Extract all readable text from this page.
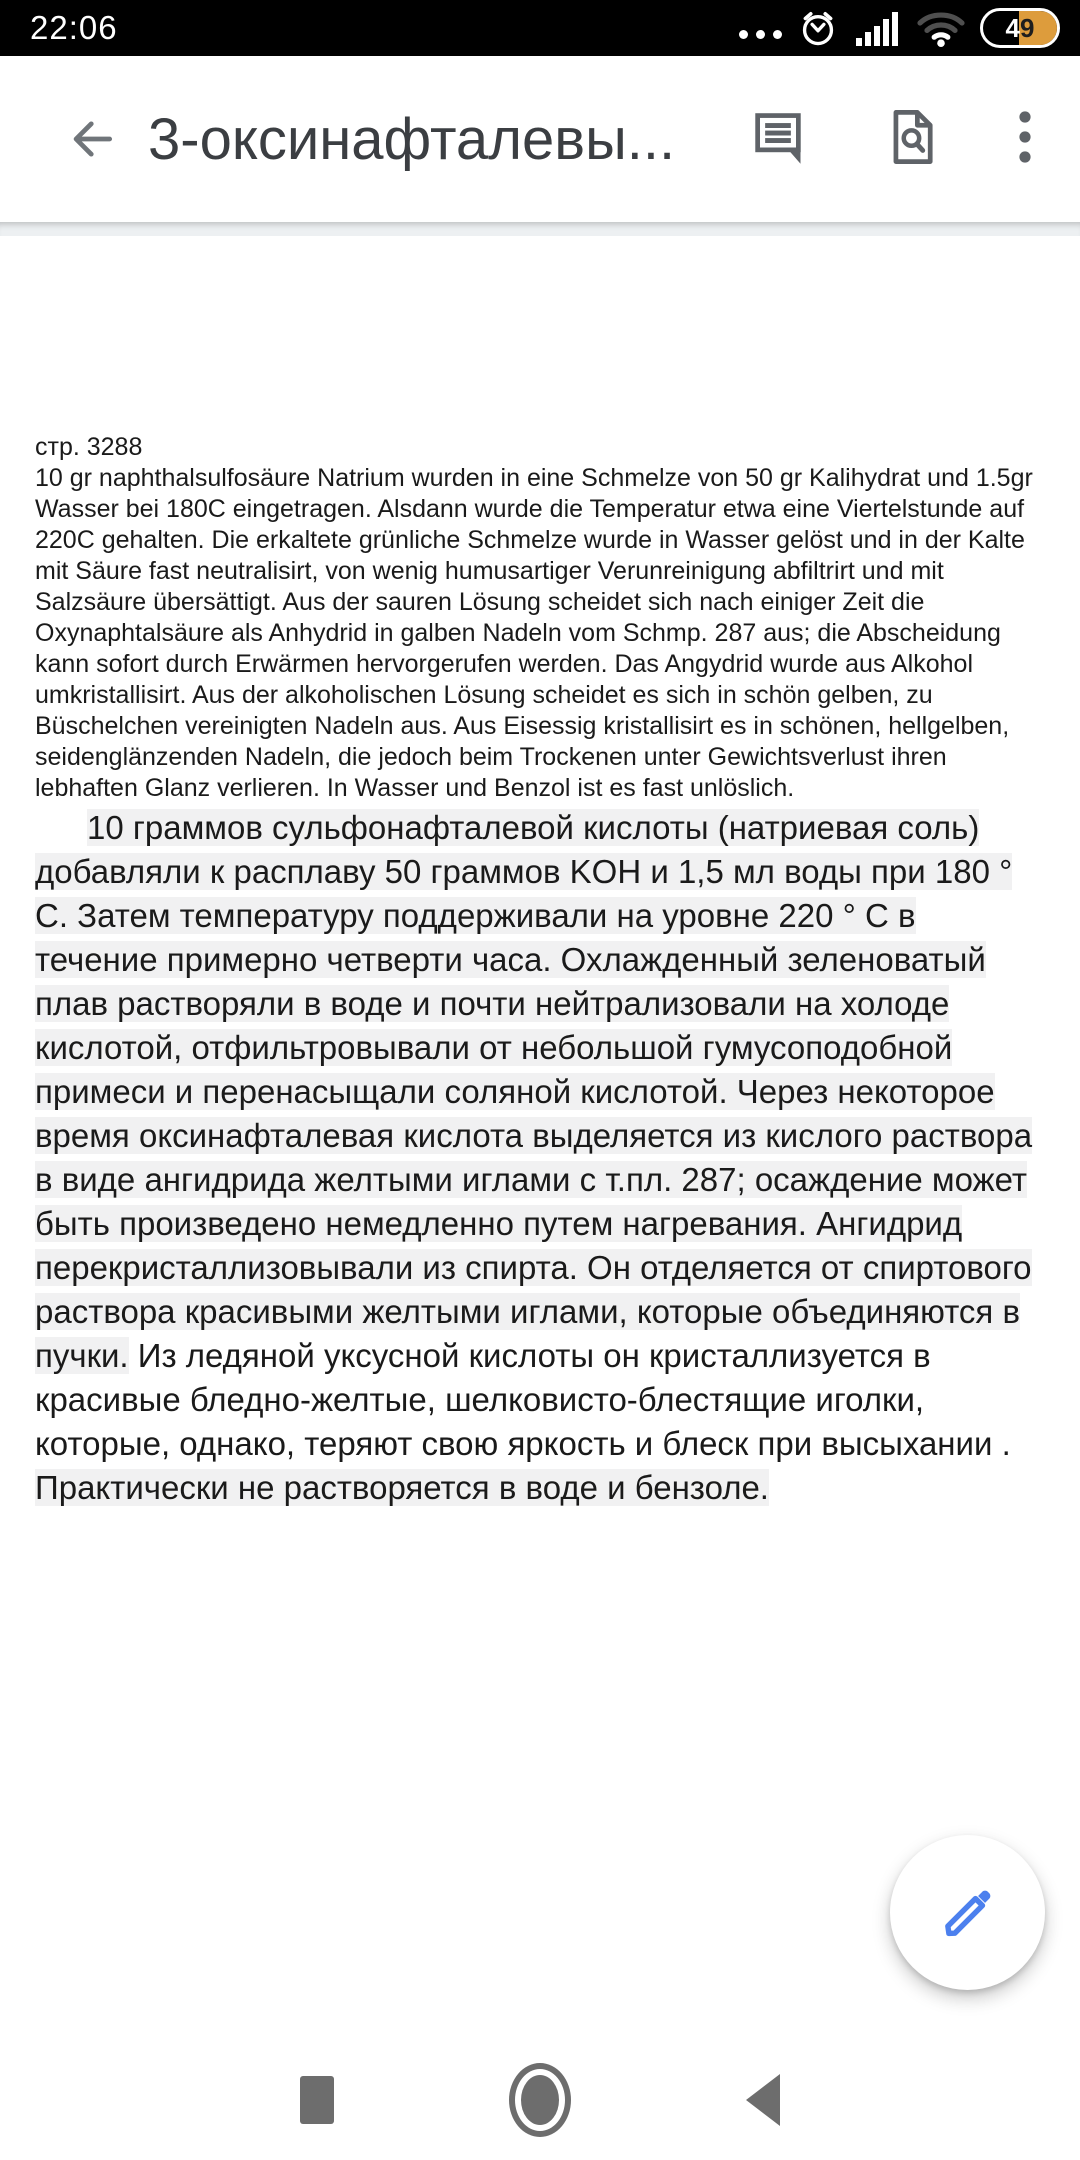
22:06	4 9
3-оксинафталевы...
стр. 3288
10 gr naphthalsulfosäure Natrium wurden in eine Schmelze von 50 gr Kalihydrat und 1.5gr Wasser bei 180C eingetragen. Alsdann wurde die Temperatur etwa eine Viertelstunde auf 220C gehalten. Die erkaltete grünliche Schmelze wurde in Wasser gelöst und in der Kalte mit Säure fast neutralisirt, von wenig humusartiger Verunreinigung abfiltrirt und mit Salzsäure übersättigt. Aus der sauren Lösung scheidet sich nach einiger Zeit die Oxynaphtalsäure als Anhydrid in galben Nadeln vom Schmp. 287 aus; die Abscheidung kann sofort durch Erwärmen hervorgerufen werden. Das Angydrid wurde aus Alkohol umkristallisirt. Aus der alkoholischen Lösung scheidet es sich in schön gelben, zu Büschelchen vereinigten Nadeln aus. Aus Eisessig kristallisirt es in schönen, hellgelben, seidenglänzenden Nadeln, die jedoch beim Trockenen unter Gewichtsverlust ihren lebhaften Glanz verlieren. In Wasser und Benzol ist es fast unlöslich.
10 граммов сульфонафталевой кислоты (натриевая соль) добавляли к расплаву 50 граммов KOH и 1,5 мл воды при 180 ° C. Затем температуру поддерживали на уровне 220 ° C в течение примерно четверти часа. Охлажденный зеленоватый плав растворяли в воде и почти нейтрализовали на холоде кислотой, отфильтровывали от небольшой гумусоподобной примеси и перенасыщали соляной кислотой. Через некоторое время оксинафталевая кислота выделяется из кислого раствора в виде ангидрида желтыми иглами с т.пл. 287; осаждение может быть произведено немедленно путем нагревания. Ангидрид перекристаллизовывали из спирта. Он отделяется от спиртового раствора красивыми желтыми иглами, которые объединяются в пучки. Из ледяной уксусной кислоты он кристаллизуется в красивые бледно-желтые, шелковисто-блестящие иголки, которые, однако, теряют свою яркость и блеск при высыхании . Практически не растворяется в воде и бензоле.
